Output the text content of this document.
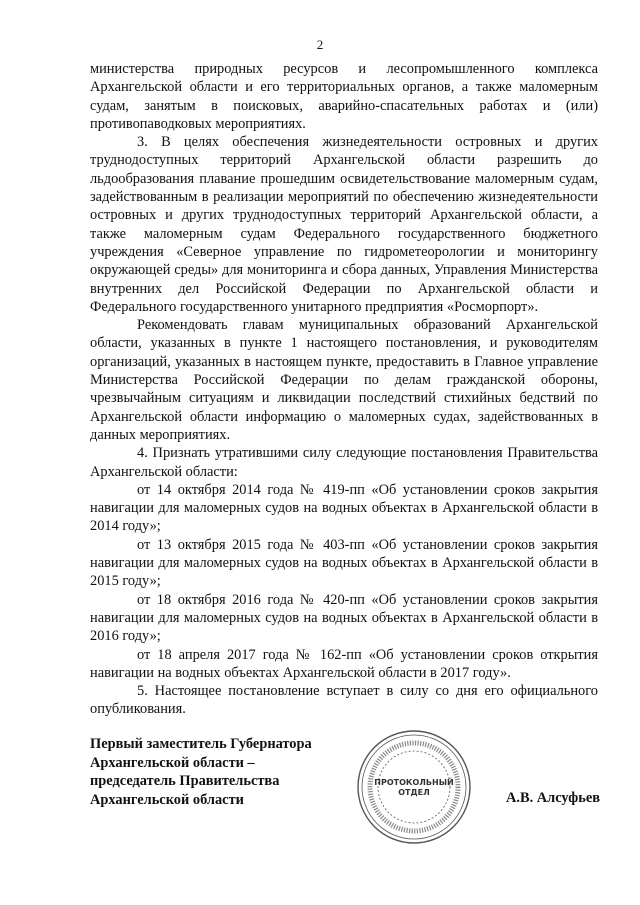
2

министерства природных ресурсов и лесопромышленного комплекса Архангельской области и его территориальных органов, а также маломерным судам, занятым в поисковых, аварийно-спасательных работах и (или) противопаводковых мероприятиях.

3. В целях обеспечения жизнедеятельности островных и других труднодоступных территорий Архангельской области разрешить до льдообразования плавание прошедшим освидетельствование маломерным судам, задействованным в реализации мероприятий по обеспечению жизнедеятельности островных и других труднодоступных территорий Архангельской области, а также маломерным судам Федерального государственного бюджетного учреждения «Северное управление по гидрометеорологии и мониторингу окружающей среды» для мониторинга и сбора данных, Управления Министерства внутренних дел Российской Федерации по Архангельской области и Федерального государственного унитарного предприятия «Росморпорт».

Рекомендовать главам муниципальных образований Архангельской области, указанных в пункте 1 настоящего постановления, и руководителям организаций, указанных в настоящем пункте, предоставить в Главное управление Министерства Российской Федерации по делам гражданской обороны, чрезвычайным ситуациям и ликвидации последствий стихийных бедствий по Архангельской области информацию о маломерных судах, задействованных в данных мероприятиях.

4. Признать утратившими силу следующие постановления Правительства Архангельской области:

от 14 октября 2014 года № 419-пп «Об установлении сроков закрытия навигации для маломерных судов на водных объектах в Архангельской области в 2014 году»;

от 13 октября 2015 года № 403-пп «Об установлении сроков закрытия навигации для маломерных судов на водных объектах в Архангельской области в 2015 году»;

от 18 октября 2016 года № 420-пп «Об установлении сроков закрытия навигации для маломерных судов на водных объектах в Архангельской области в 2016 году»;

от 18 апреля 2017 года № 162-пп «Об установлении сроков открытия навигации на водных объектах Архангельской области в 2017 году».

5. Настоящее постановление вступает в силу со дня его официального опубликования.

Первый заместитель Губернатора
Архангельской области –
председатель Правительства
Архангельской области
ПРОТОКОЛЬНЫЙ
ОТДЕЛ	А.В. Алсуфьев
